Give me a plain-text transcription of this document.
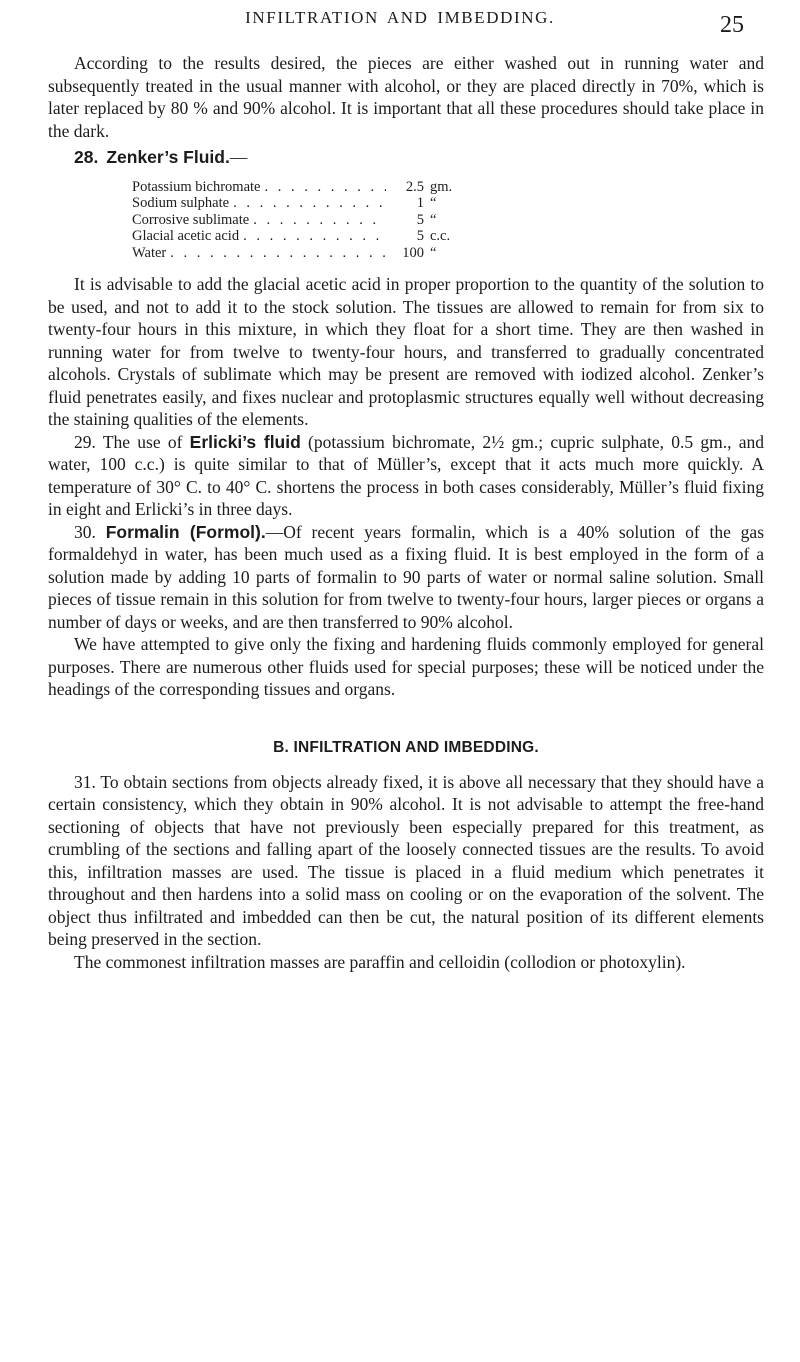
INFILTRATION AND IMBEDDING.	25

According to the results desired, the pieces are either washed out in running water and subsequently treated in the usual manner with alcohol, or they are placed directly in 70%, which is later replaced by 80 % and 90% alcohol. It is important that all these procedures should take place in the dark.

28. Zenker’s Fluid.—
Potassium bichromate . . .	2.5 gm.
Sodium sulphate . . .	1 “
Corrosive sublimate . . .	5 “
Glacial acetic acid . . .	5 c.c.
Water . . .	100 “

It is advisable to add the glacial acetic acid in proper proportion to the quantity of the solution to be used, and not to add it to the stock solution. The tissues are allowed to remain for from six to twenty-four hours in this mixture, in which they float for a short time. They are then washed in running water for from twelve to twenty-four hours, and transferred to gradually concentrated alcohols. Crystals of sublimate which may be present are removed with iodized alcohol. Zenker’s fluid penetrates easily, and fixes nuclear and protoplasmic structures equally well without decreasing the staining qualities of the elements.

29. The use of Erlicki’s fluid (potassium bichromate, 2½ gm.; cupric sulphate, 0.5 gm., and water, 100 c.c.) is quite similar to that of Müller’s, except that it acts much more quickly. A temperature of 30° C. to 40° C. shortens the process in both cases considerably, Müller’s fluid fixing in eight and Erlicki’s in three days.

30. Formalin (Formol).—Of recent years formalin, which is a 40% solution of the gas formaldehyd in water, has been much used as a fixing fluid. It is best employed in the form of a solution made by adding 10 parts of formalin to 90 parts of water or normal saline solution. Small pieces of tissue remain in this solution for from twelve to twenty-four hours, larger pieces or organs a number of days or weeks, and are then transferred to 90% alcohol.

We have attempted to give only the fixing and hardening fluids commonly employed for general purposes. There are numerous other fluids used for special purposes; these will be noticed under the headings of the corresponding tissues and organs.

B. INFILTRATION AND IMBEDDING.

31. To obtain sections from objects already fixed, it is above all necessary that they should have a certain consistency, which they obtain in 90% alcohol. It is not advisable to attempt the free-hand sectioning of objects that have not previously been especially prepared for this treatment, as crumbling of the sections and falling apart of the loosely connected tissues are the results. To avoid this, infiltration masses are used. The tissue is placed in a fluid medium which penetrates it throughout and then hardens into a solid mass on cooling or on the evaporation of the solvent. The object thus infiltrated and imbedded can then be cut, the natural position of its different elements being preserved in the section.

The commonest infiltration masses are paraffin and celloidin (collodion or photoxylin).
